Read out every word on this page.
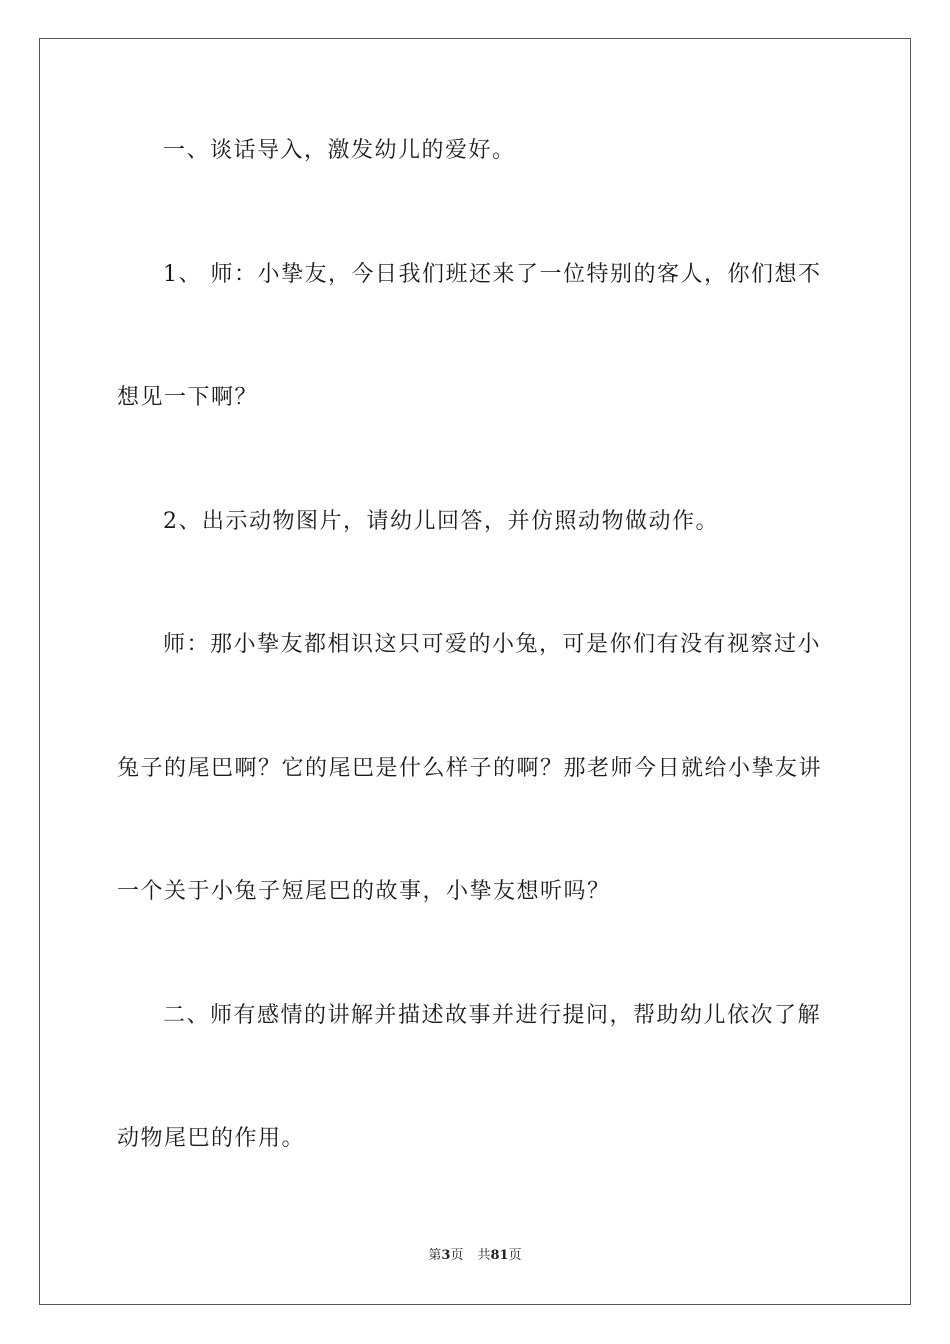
一、谈话导入，激发幼儿的爱好。
1、 师：小挚友，今日我们班还来了一位特别的客人，你们想不
想见一下啊？
2、出示动物图片，请幼儿回答，并仿照动物做动作。
师：那小挚友都相识这只可爱的小兔，可是你们有没有视察过小
兔子的尾巴啊？它的尾巴是什么样子的啊？那老师今日就给小挚友讲
一个关于小兔子短尾巴的故事，小挚友想听吗？
二、师有感情的讲解并描述故事并进行提问，帮助幼儿依次了解
动物尾巴的作用。
第3页 共81页
